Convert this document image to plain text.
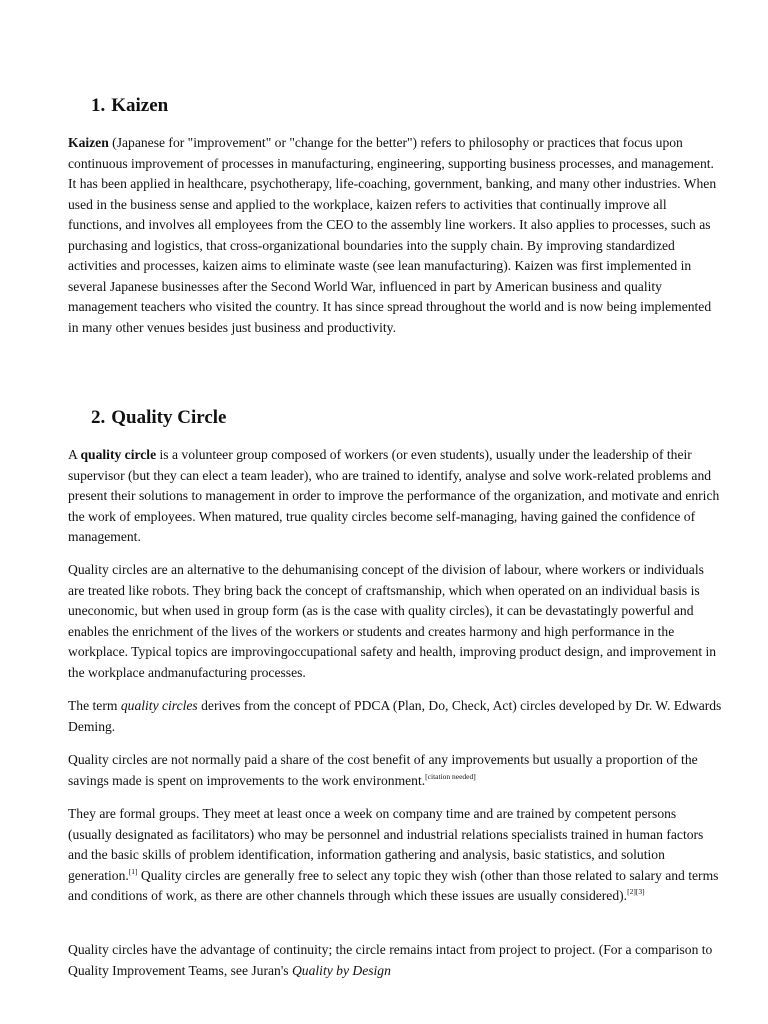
1. Kaizen

Kaizen (Japanese for "improvement" or "change for the better") refers to philosophy or practices that focus upon continuous improvement of processes in manufacturing, engineering, supporting business processes, and management. It has been applied in healthcare, psychotherapy, life-coaching, government, banking, and many other industries. When used in the business sense and applied to the workplace, kaizen refers to activities that continually improve all functions, and involves all employees from the CEO to the assembly line workers. It also applies to processes, such as purchasing and logistics, that cross-organizational boundaries into the supply chain. By improving standardized activities and processes, kaizen aims to eliminate waste (see lean manufacturing). Kaizen was first implemented in several Japanese businesses after the Second World War, influenced in part by American business and quality management teachers who visited the country. It has since spread throughout the world and is now being implemented in many other venues besides just business and productivity.

2. Quality Circle

A quality circle is a volunteer group composed of workers (or even students), usually under the leadership of their supervisor (but they can elect a team leader), who are trained to identify, analyse and solve work-related problems and present their solutions to management in order to improve the performance of the organization, and motivate and enrich the work of employees. When matured, true quality circles become self-managing, having gained the confidence of management.

Quality circles are an alternative to the dehumanising concept of the division of labour, where workers or individuals are treated like robots. They bring back the concept of craftsmanship, which when operated on an individual basis is uneconomic, but when used in group form (as is the case with quality circles), it can be devastatingly powerful and enables the enrichment of the lives of the workers or students and creates harmony and high performance in the workplace. Typical topics are improvingoccupational safety and health, improving product design, and improvement in the workplace andmanufacturing processes.

The term quality circles derives from the concept of PDCA (Plan, Do, Check, Act) circles developed by Dr. W. Edwards Deming.

Quality circles are not normally paid a share of the cost benefit of any improvements but usually a proportion of the savings made is spent on improvements to the work environment.[citation needed]

They are formal groups. They meet at least once a week on company time and are trained by competent persons (usually designated as facilitators) who may be personnel and industrial relations specialists trained in human factors and the basic skills of problem identification, information gathering and analysis, basic statistics, and solution generation.[1] Quality circles are generally free to select any topic they wish (other than those related to salary and terms and conditions of work, as there are other channels through which these issues are usually considered).[2][3]

Quality circles have the advantage of continuity; the circle remains intact from project to project. (For a comparison to Quality Improvement Teams, see Juran's Quality by Design
